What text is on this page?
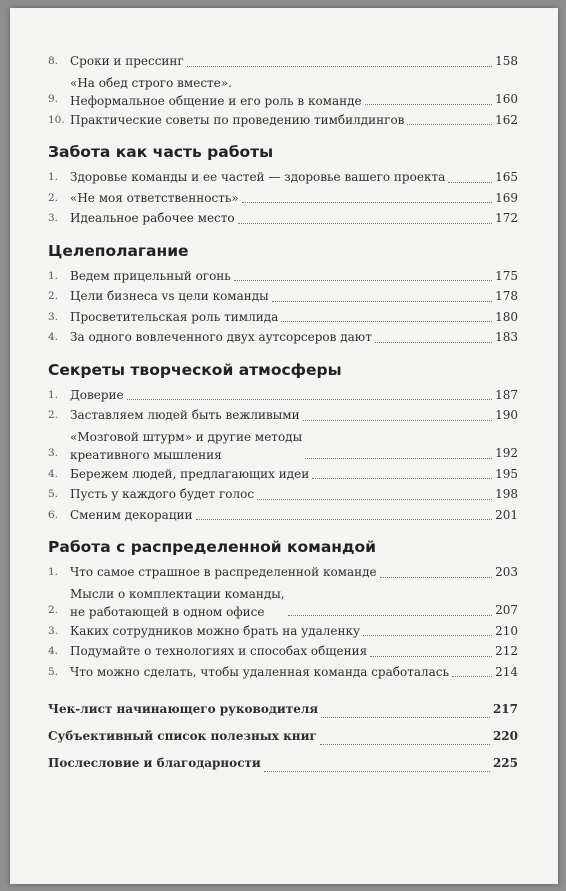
8. Сроки и прессинг	158
9.
«На обед строго вместе».
Неформальное общение и его роль в команде	160
10. Практические советы по проведению тимбилдингов	162
Забота как часть работы
1. Здоровье команды и ее частей — здоровье вашего проекта	165
2. «Не моя ответственность»	169
3. Идеальное рабочее место	172
Целеполагание
1. Ведем прицельный огонь	175
2. Цели бизнеса vs цели команды	178
3. Просветительская роль тимлида	180
4. За одного вовлеченного двух аутсорсеров дают	183
Секреты творческой атмосферы
1. Доверие	187
2. Заставляем людей быть вежливыми	190
3.
«Мозговой штурм» и другие методы
креативного мышления	192
4. Бережем людей, предлагающих идеи	195
5. Пусть у каждого будет голос	198
6. Сменим декорации	201
Работа с распределенной командой
1. Что самое страшное в распределенной команде	203
2.
Мысли о комплектации команды,
не работающей в одном офисе	207
3. Каких сотрудников можно брать на удаленку	210
4. Подумайте о технологиях и способах общения	212
5. Что можно сделать, чтобы удаленная команда сработалась	214
Чек-лист начинающего руководителя	217
Субъективный список полезных книг	220
Послесловие и благодарности	225
